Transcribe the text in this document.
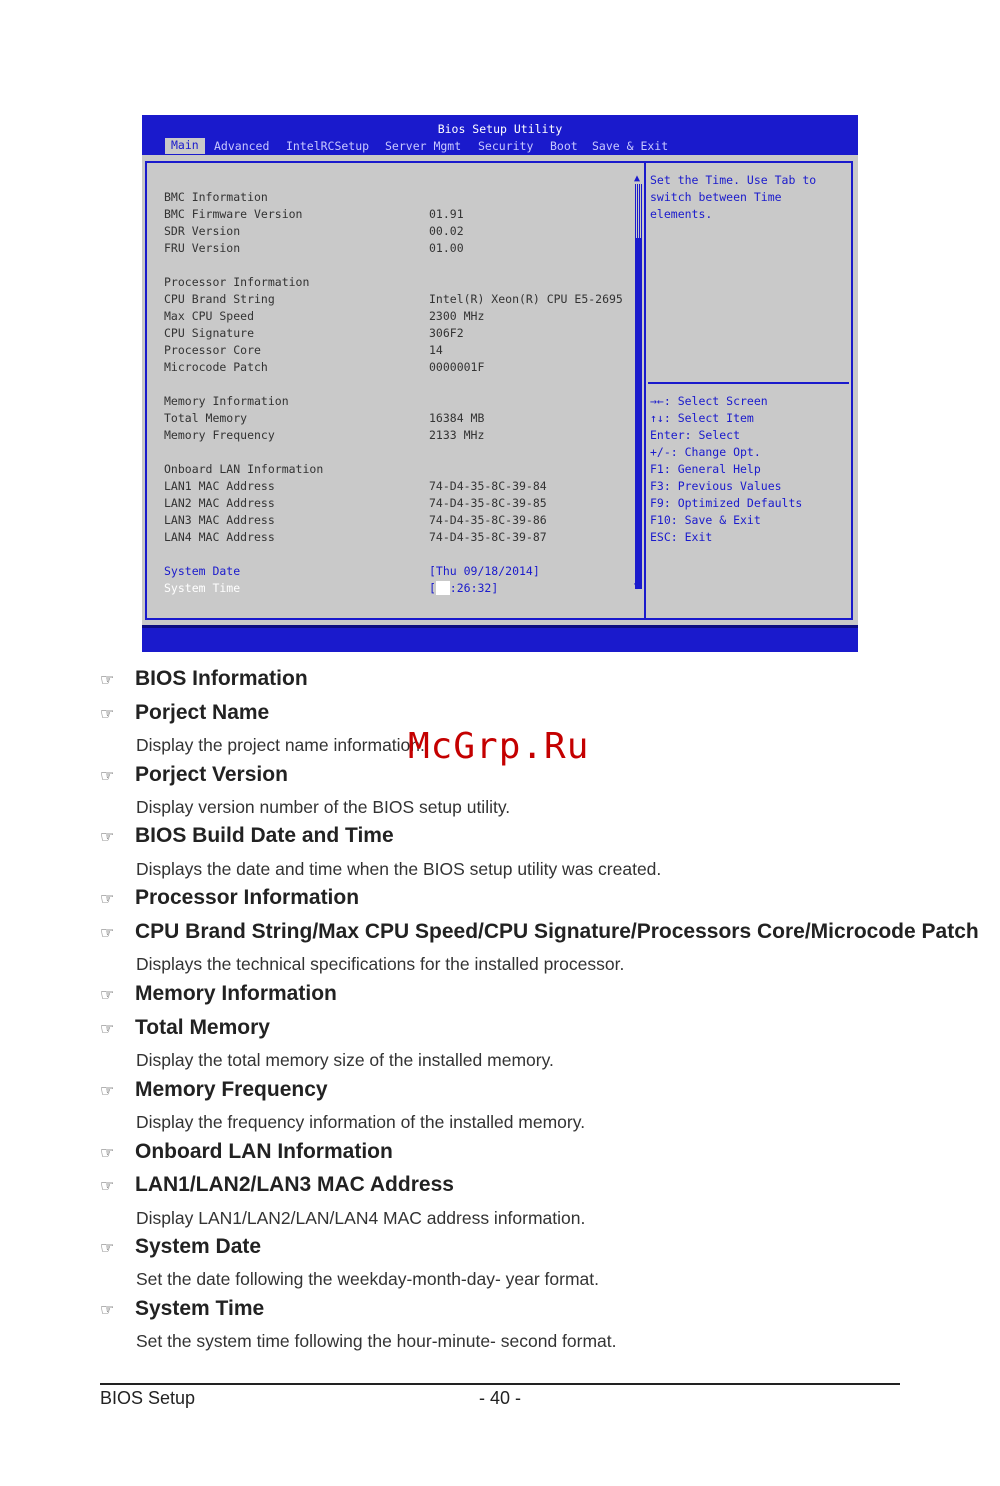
Bios Setup Utility
Main	Advanced IntelRCSetup Server Mgmt Security Boot Save & Exit
BMC Information
BMC Firmware Version	01.91
SDR Version	00.02
FRU Version	01.00
Processor Information
CPU Brand String	Intel(R) Xeon(R) CPU E5-2695
Max CPU Speed	2300 MHz
CPU Signature	306F2
Processor Core	14
Microcode Patch	0000001F
Memory Information
Total Memory	16384 MB
Memory Frequency	2133 MHz
Onboard LAN Information
LAN1 MAC Address	74-D4-35-8C-39-84
LAN2 MAC Address	74-D4-35-8C-39-85
LAN3 MAC Address	74-D4-35-8C-39-86
LAN4 MAC Address	74-D4-35-8C-39-87
System Date	[Thu 09/18/2014]
System Time	[10:26:32]
▲
▼
Set the Time. Use Tab to
switch between Time
elements.
→←: Select Screen
↑↓: Select Item
Enter: Select
+/-: Change Opt.
F1: General Help
F3: Previous Values
F9: Optimized Defaults
F10: Save & Exit
ESC: Exit
☞ BIOS Information
☞ Porject Name
Display the project name information.
☞ Porject Version
Display version number of the BIOS setup utility.
☞ BIOS Build Date and Time
Displays the date and time when the BIOS setup utility was created.
☞ Processor Information
☞ CPU Brand String/Max CPU Speed/CPU Signature/Processors Core/Microcode Patch
Displays the technical specifications for the installed processor.
☞ Memory Information
☞ Total Memory
Display the total memory size of the installed memory.
☞ Memory Frequency
Display the frequency information of the installed memory.
☞ Onboard LAN Information
☞ LAN1/LAN2/LAN3 MAC Address
Display LAN1/LAN2/LAN/LAN4 MAC address information.
☞ System Date
Set the date following the weekday-month-day- year format.
☞ System Time
Set the system time following the hour-minute- second format.
McGrp.Ru
BIOS Setup	- 40 -
